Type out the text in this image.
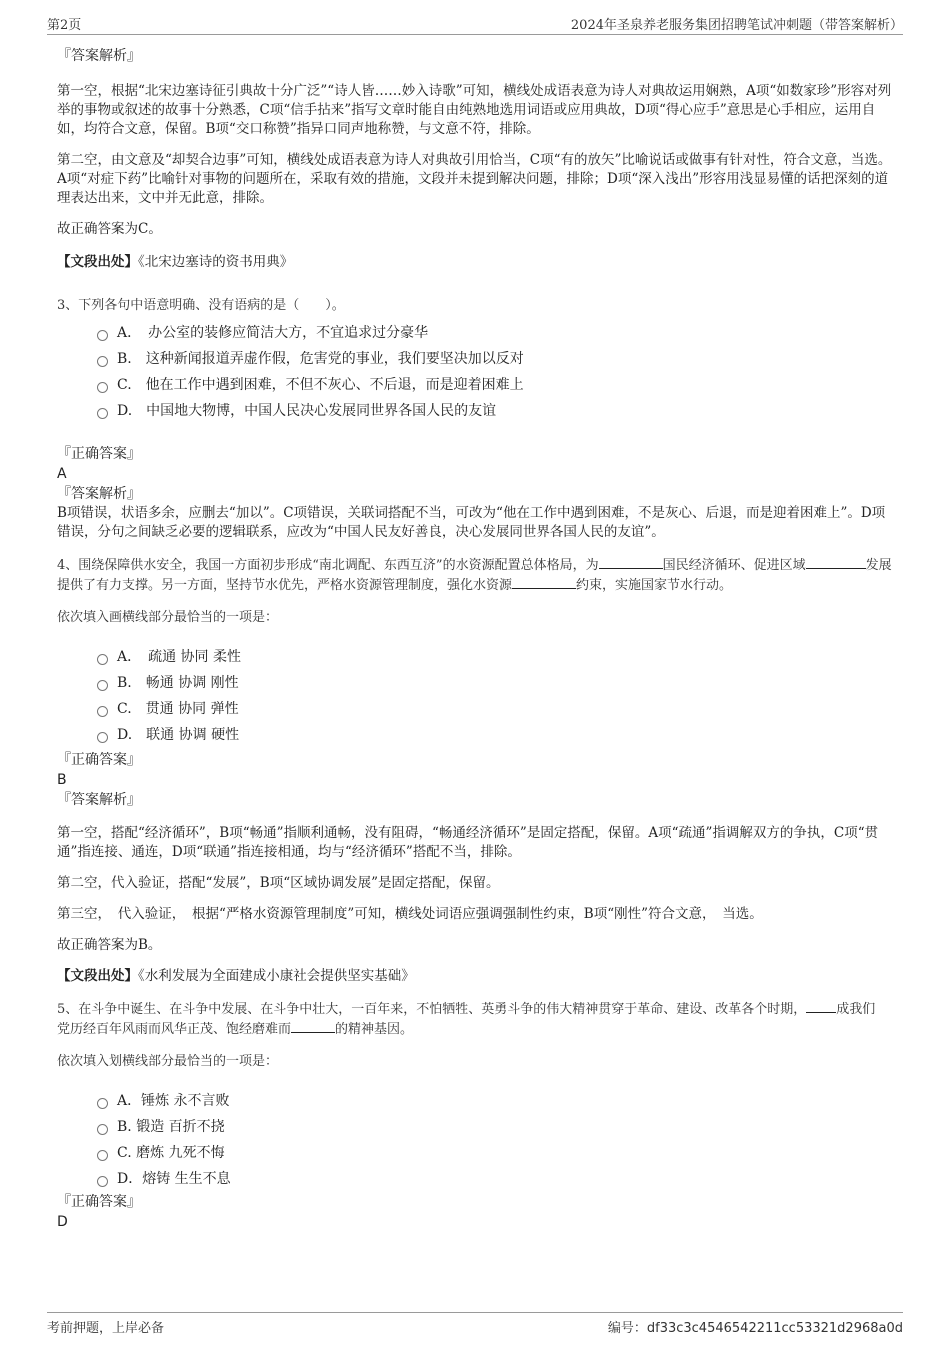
第2页	2024年圣泉养老服务集团招聘笔试冲刺题（带答案解析）
『答案解析』

第一空，根据“北宋边塞诗征引典故十分广泛”“诗人皆……妙入诗歌”可知，横线处成语表意为诗人对典故运用娴熟，A项“如数家珍”形容对列举的事物或叙述的故事十分熟悉，C项“信手拈来”指写文章时能自由纯熟地选用词语或应用典故，D项“得心应手”意思是心手相应，运用自如，均符合文意，保留。B项“交口称赞”指异口同声地称赞，与文意不符，排除。

第二空，由文意及“却契合边事”可知，横线处成语表意为诗人对典故引用恰当，C项“有的放矢”比喻说话或做事有针对性，符合文意，当选。A项“对症下药”比喻针对事物的问题所在，采取有效的措施，文段并未提到解决问题，排除；D项“深入浅出”形容用浅显易懂的话把深刻的道理表达出来，文中并无此意，排除。

故正确答案为C。

【文段出处】《北宋边塞诗的资书用典》

3、下列各句中语意明确、没有语病的是（　　）。
A．　办公室的装修应简洁大方，不宜追求过分豪华
B.　这种新闻报道弄虚作假，危害党的事业，我们要坚决加以反对
C.　他在工作中遇到困难，不但不灰心、不后退，而是迎着困难上
D.　中国地大物博，中国人民决心发展同世界各国人民的友谊
『正确答案』
A
『答案解析』

B项错误，状语多余，应删去“加以”。C项错误，关联词搭配不当，可改为“他在工作中遇到困难，不是灰心、后退，而是迎着困难上”。D项错误，分句之间缺乏必要的逻辑联系，应改为“中国人民友好善良，决心发展同世界各国人民的友谊”。

4、围绕保障供水安全，我国一方面初步形成“南北调配、东西互济”的水资源配置总体格局，为	国民经济循环、促进区域	发展提供了有力支撑。另一方面，坚持节水优先，严格水资源管理制度，强化水资源	约束，实施国家节水行动。
依次填入画横线部分最恰当的一项是：
A．　疏通 协同 柔性
B.　畅通 协调 刚性
C.　贯通 协同 弹性
D.　联通 协调 硬性
『正确答案』
B
『答案解析』

第一空，搭配“经济循环”，B项“畅通”指顺利通畅，没有阻碍，“畅通经济循环”是固定搭配，保留。A项“疏通”指调解双方的争执，C项“贯通”指连接、通连，D项“联通”指连接相通，均与“经济循环”搭配不当，排除。

第二空，代入验证，搭配“发展”，B项“区域协调发展”是固定搭配，保留。

第三空，　代入验证，　根据“严格水资源管理制度”可知，横线处词语应强调强制性约束，B项“刚性”符合文意，　当选。

故正确答案为B。

【文段出处】《水利发展为全面建成小康社会提供坚实基础》

5、在斗争中诞生、在斗争中发展、在斗争中壮大，一百年来，不怕牺牲、英勇斗争的伟大精神贯穿于革命、建设、改革各个时期， 成我们
党历经百年风雨而风华正茂、饱经磨难而	的精神基因。
依次填入划横线部分最恰当的一项是：
A．锤炼 永不言败
B. 锻造 百折不挠
C. 磨炼 九死不悔
D．熔铸 生生不息
『正确答案』
D
考前押题，上岸必备	编号：df33c3c4546542211cc53321d2968a0d
